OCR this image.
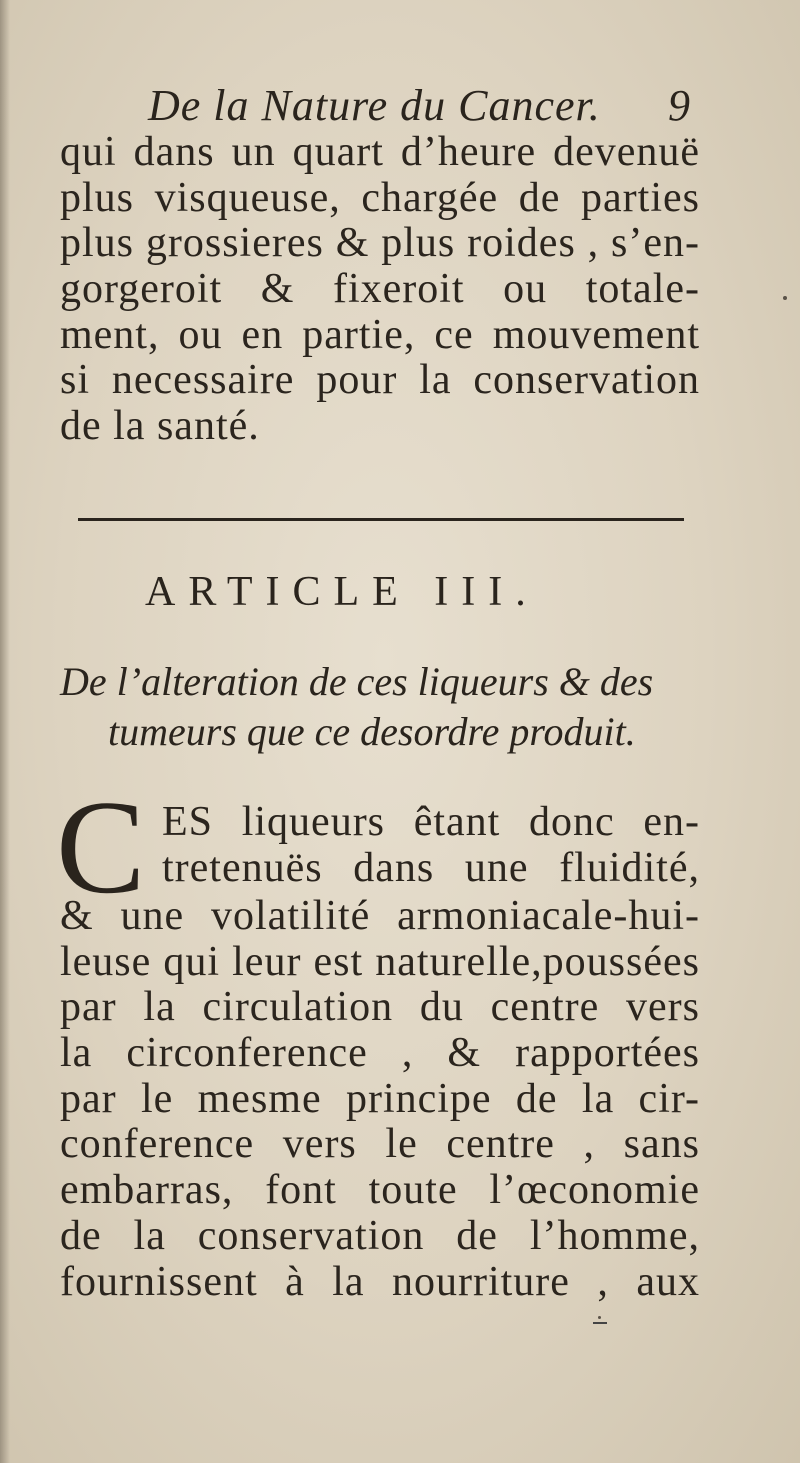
De la Nature du Cancer. 9
qui dans un quart d’heure devenuë
plus visqueuse, chargée de parties
plus grossieres & plus roides , s’en-
gorgeroit & fixeroit ou totale-
ment, ou en partie, ce mouvement
si necessaire pour la conservation
de la santé.
ARTICLE III.
De l’alteration de ces liqueurs & des
tumeurs que ce desordre produit.
C ES liqueurs êtant donc en-
tretenuës dans une fluidité,
& une volatilité armoniacale-hui-
leuse qui leur est naturelle,poussées
par la circulation du centre vers
la circonference , & rapportées
par le mesme principe de la cir-
conference vers le centre , sans
embarras, font toute l’œconomie
de la conservation de l’homme,
fournissent à la nourriture , aux
